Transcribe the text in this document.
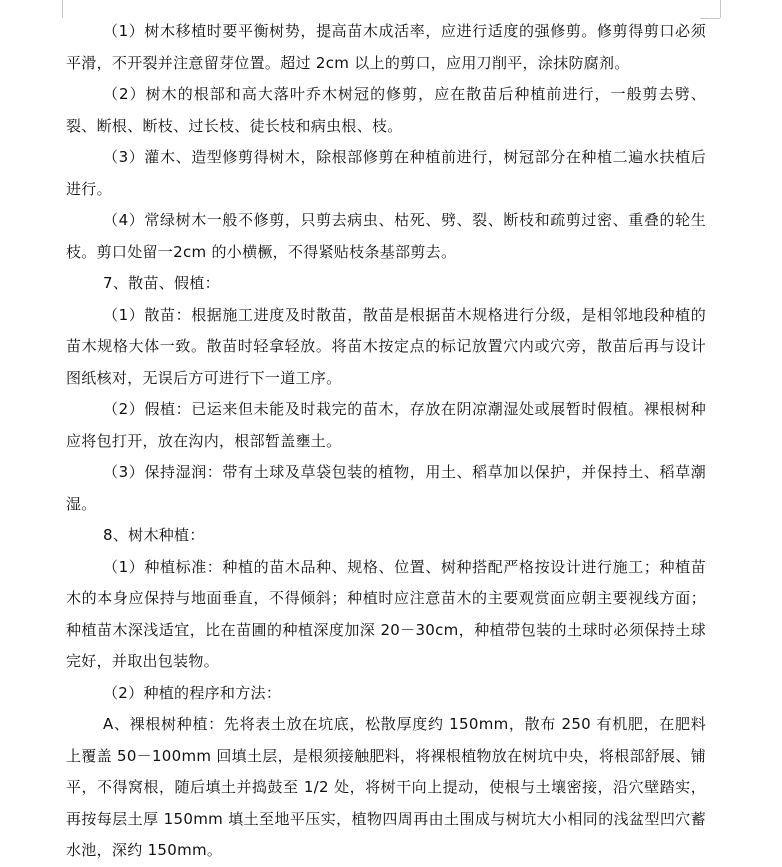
（1）树木移植时要平衡树势，提高苗木成活率，应进行适度的强修剪。修剪得剪口必须平滑，不开裂并注意留芽位置。超过 2cm 以上的剪口，应用刀削平，涂抹防腐剂。

（2）树木的根部和高大落叶乔木树冠的修剪，应在散苗后种植前进行，一般剪去劈、裂、断根、断枝、过长枝、徒长枝和病虫根、枝。

（3）灌木、造型修剪得树木，除根部修剪在种植前进行，树冠部分在种植二遍水扶植后进行。

（4）常绿树木一般不修剪，只剪去病虫、枯死、劈、裂、断枝和疏剪过密、重叠的轮生枝。剪口处留一2cm 的小横橛，不得紧贴枝条基部剪去。

7、散苗、假植：

（1）散苗：根据施工进度及时散苗，散苗是根据苗木规格进行分级，是相邻地段种植的苗木规格大体一致。散苗时轻拿轻放。将苗木按定点的标记放置穴内或穴旁，散苗后再与设计图纸核对，无误后方可进行下一道工序。

（2）假植：已运来但未能及时栽完的苗木，存放在阴凉潮湿处或展暂时假植。裸根树种应将包打开，放在沟内，根部暂盖壅土。

（3）保持湿润：带有土球及草袋包装的植物，用土、稻草加以保护，并保持土、稻草潮湿。

8、树木种植：

（1）种植标准：种植的苗木品种、规格、位置、树种搭配严格按设计进行施工；种植苗木的本身应保持与地面垂直，不得倾斜；种植时应注意苗木的主要观赏面应朝主要视线方面；种植苗木深浅适宜，比在苗圃的种植深度加深 20－30cm，种植带包装的土球时必须保持土球完好，并取出包装物。

（2）种植的程序和方法：

A、裸根树种植：先将表土放在坑底，松散厚度约 150mm，散布 250 有机肥，在肥料上覆盖 50－100mm 回填土层，是根须接触肥料，将裸根植物放在树坑中央，将根部舒展、铺平，不得窝根，随后填土并捣鼓至 1/2 处，将树干向上提动，使根与土壤密接，沿穴壁踏实，再按每层土厚 150mm 填土至地平压实，植物四周再由土围成与树坑大小相同的浅盆型凹穴蓄水池，深约 150mm。
